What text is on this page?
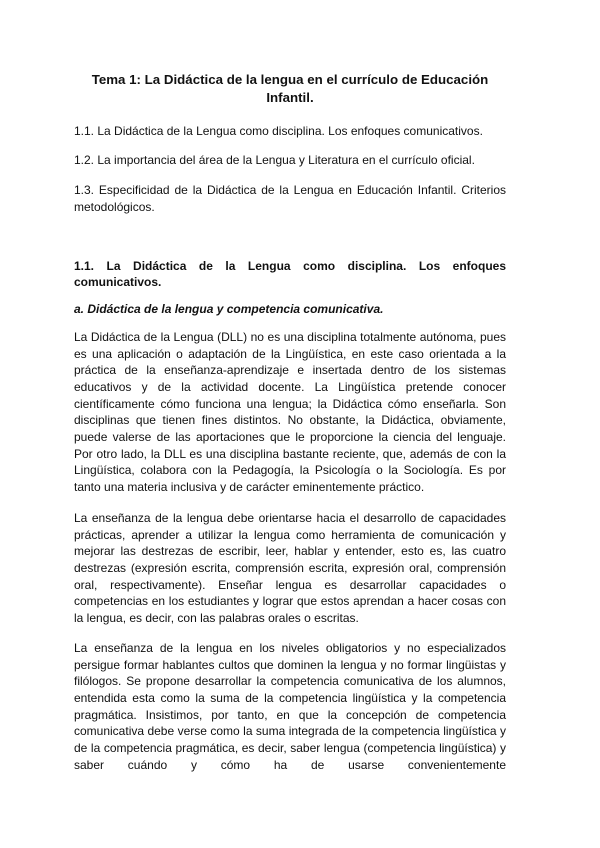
Tema 1: La Didáctica de la lengua en el currículo de Educación Infantil.

1.1. La Didáctica de la Lengua como disciplina. Los enfoques comunicativos.

1.2. La importancia del área de la Lengua y Literatura en el currículo oficial.

1.3. Especificidad de la Didáctica de la Lengua en Educación Infantil. Criterios metodológicos.

1.1. La Didáctica de la Lengua como disciplina. Los enfoques comunicativos.
a. Didáctica de la lengua y competencia comunicativa.

La Didáctica de la Lengua (DLL) no es una disciplina totalmente autónoma, pues es una aplicación o adaptación de la Lingüística, en este caso orientada a la práctica de la enseñanza-aprendizaje e insertada dentro de los sistemas educativos y de la actividad docente. La Lingüística pretende conocer científicamente cómo funciona una lengua; la Didáctica cómo enseñarla. Son disciplinas que tienen fines distintos. No obstante, la Didáctica, obviamente, puede valerse de las aportaciones que le proporcione la ciencia del lenguaje. Por otro lado, la DLL es una disciplina bastante reciente, que, además de con la Lingüística, colabora con la Pedagogía, la Psicología o la Sociología. Es por tanto una materia inclusiva y de carácter eminentemente práctico.

La enseñanza de la lengua debe orientarse hacia el desarrollo de capacidades prácticas, aprender a utilizar la lengua como herramienta de comunicación y mejorar las destrezas de escribir, leer, hablar y entender, esto es, las cuatro destrezas (expresión escrita, comprensión escrita, expresión oral, comprensión oral, respectivamente). Enseñar lengua es desarrollar capacidades o competencias en los estudiantes y lograr que estos aprendan a hacer cosas con la lengua, es decir, con las palabras orales o escritas.

La enseñanza de la lengua en los niveles obligatorios y no especializados persigue formar hablantes cultos que dominen la lengua y no formar lingüistas y filólogos. Se propone desarrollar la competencia comunicativa de los alumnos, entendida esta como la suma de la competencia lingüística y la competencia pragmática. Insistimos, por tanto, en que la concepción de competencia comunicativa debe verse como la suma integrada de la competencia lingüística y de la competencia pragmática, es decir, saber lengua (competencia lingüística) y saber cuándo y cómo ha de usarse convenientemente
